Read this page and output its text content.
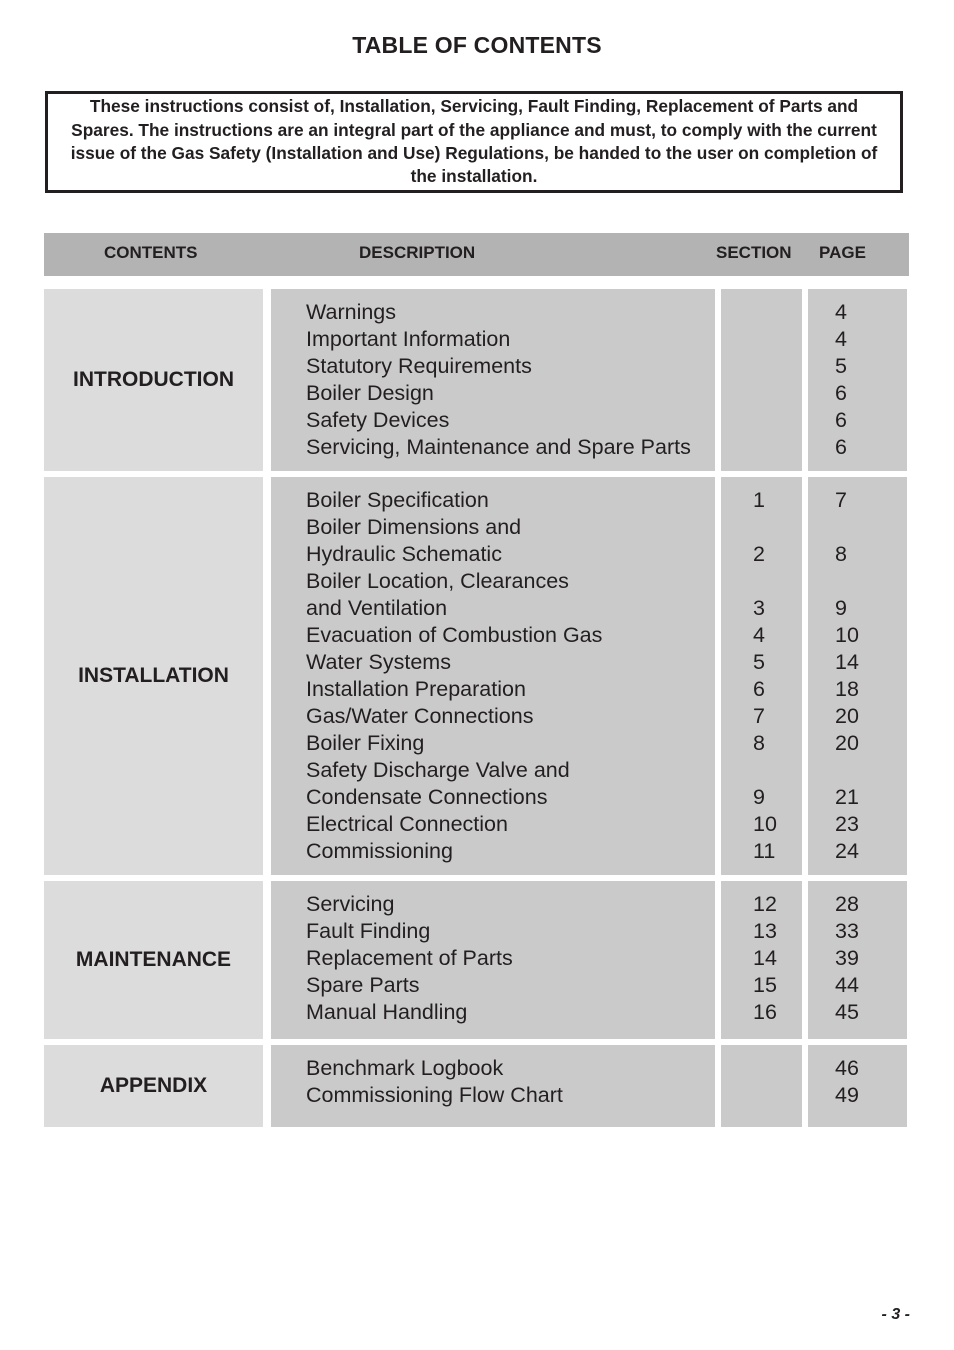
TABLE OF CONTENTS
These instructions consist of, Installation, Servicing, Fault Finding, Replacement of Parts and Spares. The instructions are an integral part of the appliance and must, to comply with the current issue of the Gas Safety (Installation and Use) Regulations, be handed to the user on completion of the installation.
CONTENTS	DESCRIPTION	SECTION PAGE
INTRODUCTION
Warnings
Important Information
Statutory Requirements
Boiler Design
Safety Devices
Servicing, Maintenance and Spare Parts

4
4
5
6
6
6
INSTALLATION
Boiler Specification
Boiler Dimensions and
Hydraulic Schematic
Boiler Location, Clearances
and Ventilation
Evacuation of Combustion Gas
Water Systems
Installation Preparation
Gas/Water Connections
Boiler Fixing
Safety Discharge Valve and
Condensate Connections
Electrical Connection
Commissioning
1

2

3
4
5
6
7
8

9
10
11
7

8

9
10
14
18
20
20

21
23
24
MAINTENANCE
Servicing
Fault Finding
Replacement of Parts
Spare Parts
Manual Handling
12
13
14
15
16
28
33
39
44
45
APPENDIX
Benchmark Logbook
Commissioning Flow Chart

46
49
- 3 -
